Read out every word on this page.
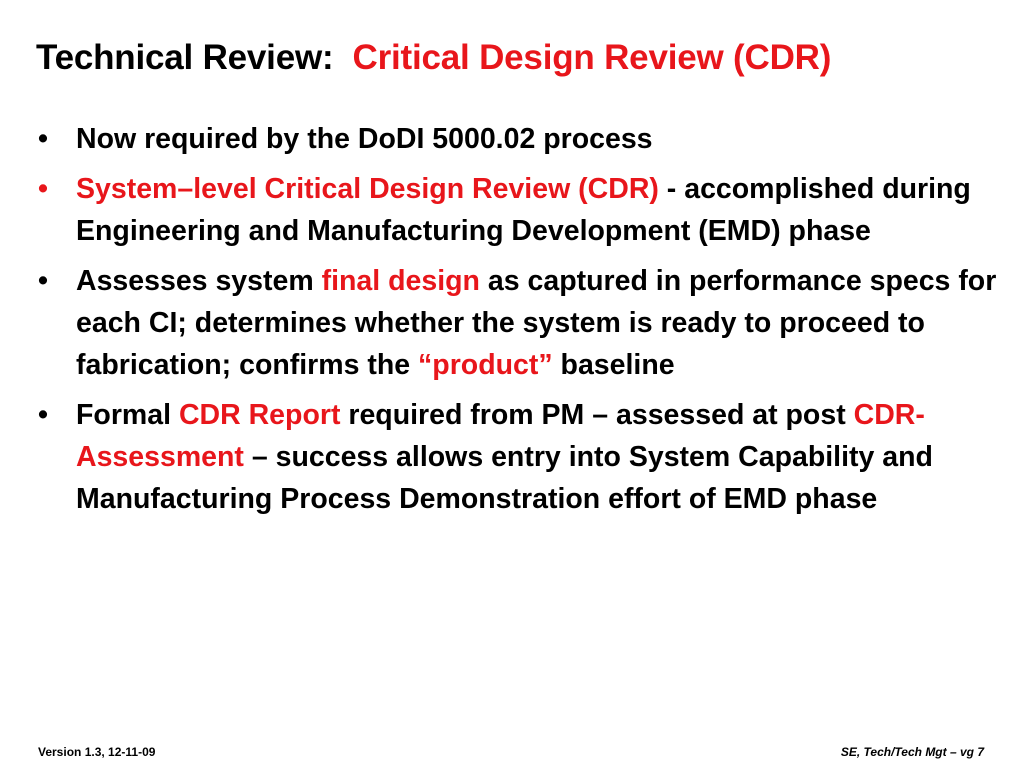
Technical Review: Critical Design Review (CDR)
• Now required by the DoDI 5000.02 process
• System–level Critical Design Review (CDR) - accomplished during Engineering and Manufacturing Development (EMD) phase
• Assesses system final design as captured in performance specs for each CI; determines whether the system is ready to proceed to fabrication; confirms the “product” baseline
• Formal CDR Report required from PM – assessed at post CDR-Assessment – success allows entry into System Capability and Manufacturing Process Demonstration effort of EMD phase
Version 1.3, 12-11-09	SE, Tech/Tech Mgt – vg 7
